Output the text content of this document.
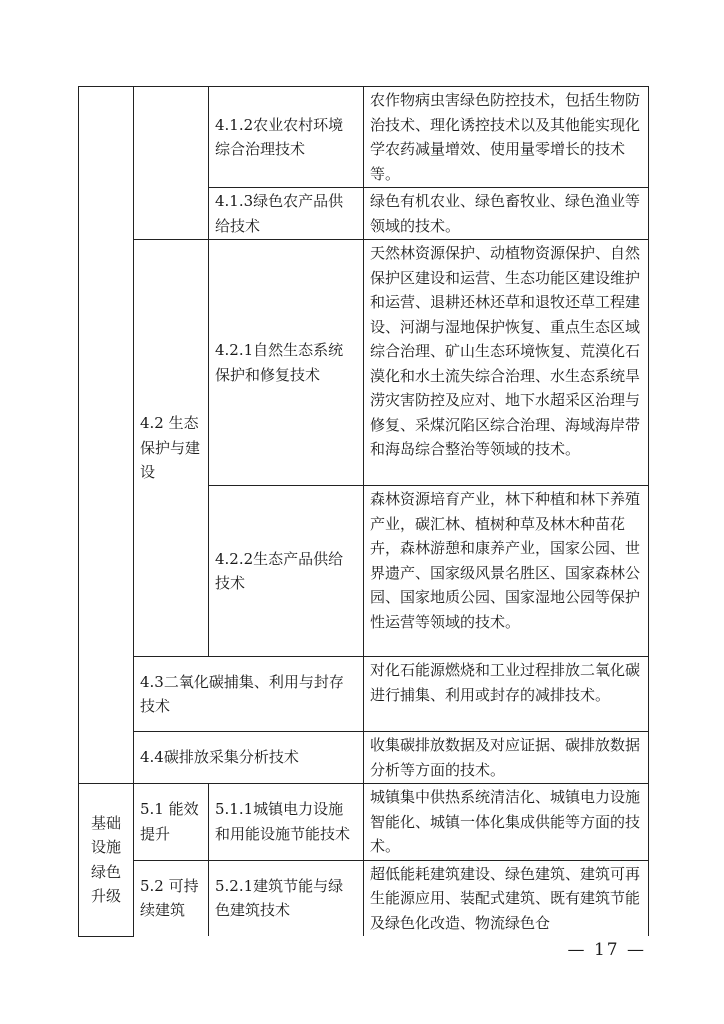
		4.1.2农业农村环境综合治理技术	农作物病虫害绿色防控技术，包括生物防治技术、理化诱控技术以及其他能实现化学农药减量增效、使用量零增长的技术等。
		4.1.3绿色农产品供给技术	绿色有机农业、绿色畜牧业、绿色渔业等领域的技术。
	4.2 生态保护与建设	4.2.1自然生态系统保护和修复技术	天然林资源保护、动植物资源保护、自然保护区建设和运营、生态功能区建设维护和运营、退耕还林还草和退牧还草工程建设、河湖与湿地保护恢复、重点生态区域综合治理、矿山生态环境恢复、荒漠化石漠化和水土流失综合治理、水生态系统旱涝灾害防控及应对、地下水超采区治理与修复、采煤沉陷区综合治理、海域海岸带和海岛综合整治等领域的技术。
		4.2.2生态产品供给技术	森林资源培育产业，林下种植和林下养殖产业，碳汇林、植树种草及林木种苗花卉，森林游憩和康养产业，国家公园、世界遗产、国家级风景名胜区、国家森林公园、国家地质公园、国家湿地公园等保护性运营等领域的技术。
	4.3二氧化碳捕集、利用与封存技术		对化石能源燃烧和工业过程排放二氧化碳进行捕集、利用或封存的减排技术。
	4.4碳排放采集分析技术		收集碳排放数据及对应证据、碳排放数据分析等方面的技术。
基础设施绿色升级	5.1 能效提升	5.1.1城镇电力设施和用能设施节能技术	城镇集中供热系统清洁化、城镇电力设施智能化、城镇一体化集成供能等方面的技术。
	5.2 可持续建筑	5.2.1建筑节能与绿色建筑技术	超低能耗建筑建设、绿色建筑、建筑可再生能源应用、装配式建筑、既有建筑节能及绿色化改造、物流绿色仓
— 17 —
